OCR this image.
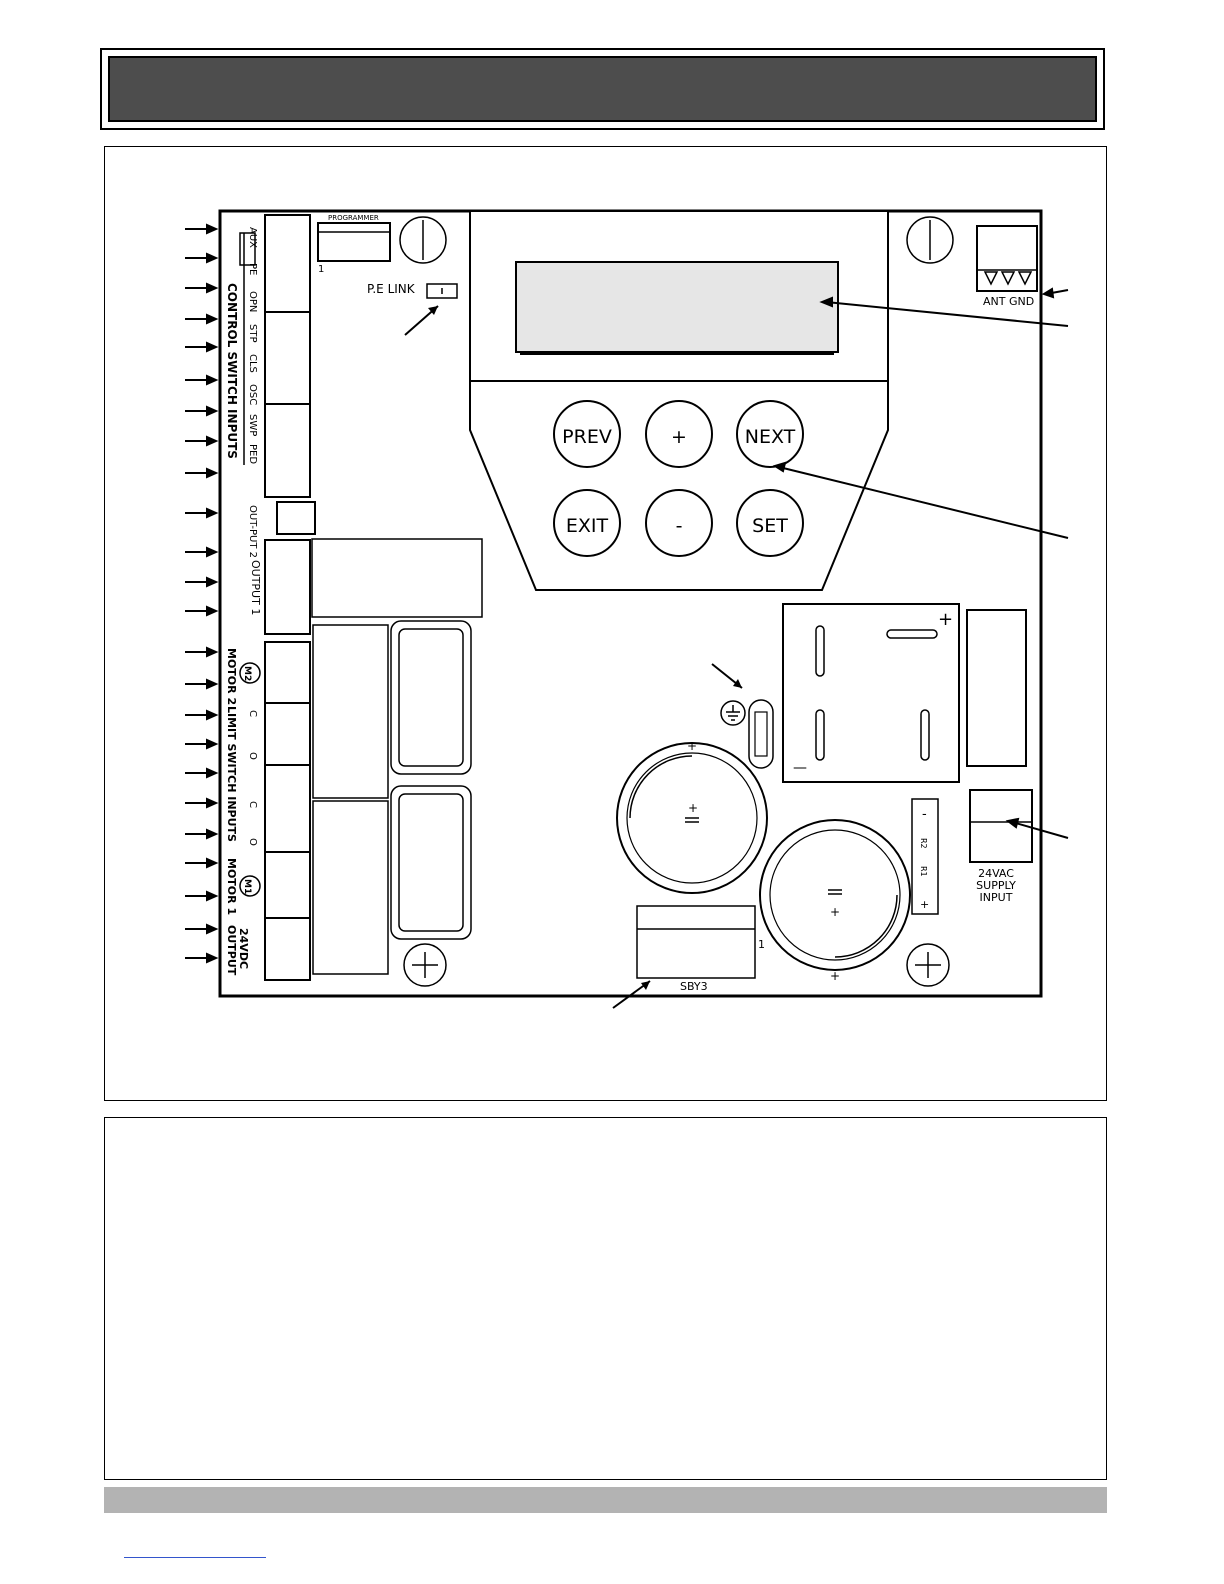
AUX
PE
OPN
STP
CLS
OSC
SWP
PED
CONTROL SWITCH INPUTS
OUT-PUT 2
OUTPUT 1
M2
M1
C
O
C
O
MOTOR 2
LIMIT SWITCH INPUTS
MOTOR 1
24VDC
OUTPUT
PROGRAMMER
1
P.E LINK
PREV	+	NEXT
EXIT	-	SET
ANT GND
+
—
+
+
+
+
-
R2
R1
+
24VAC
SUPPLY
INPUT
SBY3
1
